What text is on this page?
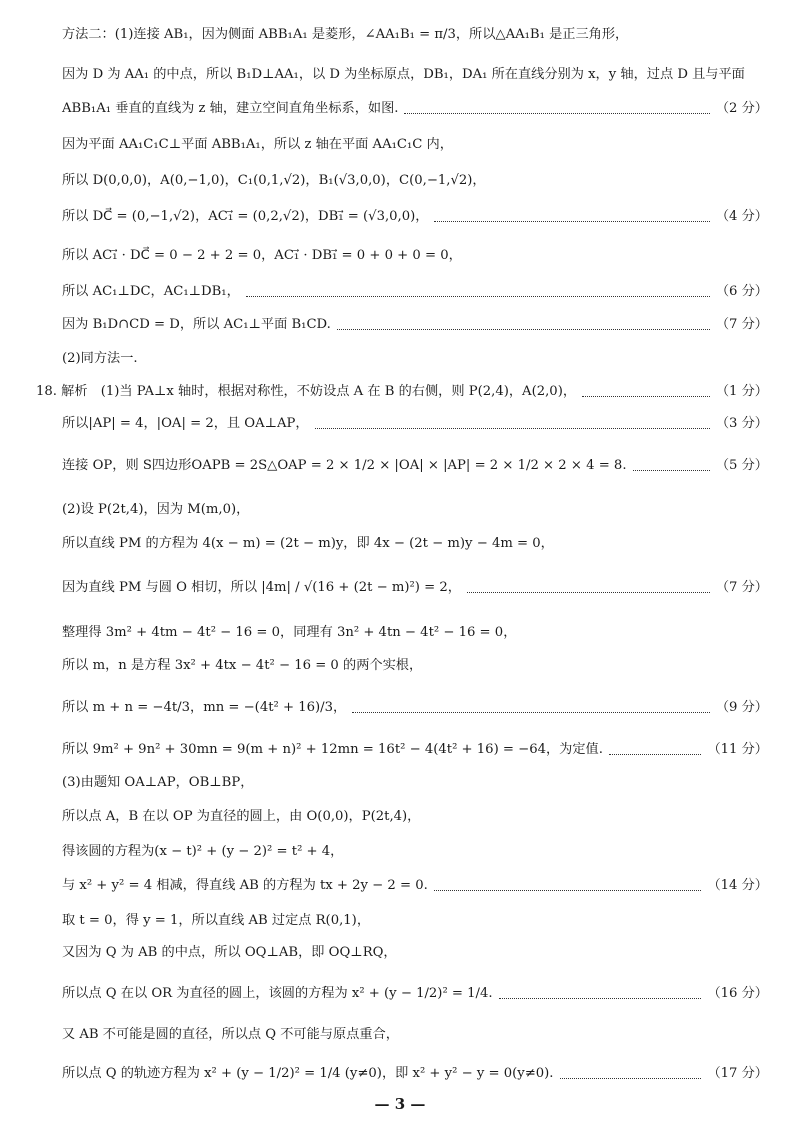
方法二：(1)连接 AB₁，因为侧面 ABB₁A₁ 是菱形，∠AA₁B₁ = π/3，所以△AA₁B₁ 是正三角形，
因为 D 为 AA₁ 的中点，所以 B₁D⊥AA₁，以 D 为坐标原点，DB₁，DA₁ 所在直线分别为 x，y 轴，过点 D 且与平面
ABB₁A₁ 垂直的直线为 z 轴，建立空间直角坐标系，如图.	（2 分）
因为平面 AA₁C₁C⊥平面 ABB₁A₁，所以 z 轴在平面 AA₁C₁C 内，
所以 D(0,0,0)，A(0,−1,0)，C₁(0,1,√2)，B₁(√3,0,0)，C(0,−1,√2)，
所以 DC⃗ = (0,−1,√2)，AC₁⃗ = (0,2,√2)，DB₁⃗ = (√3,0,0)，	（4 分）
所以 AC₁⃗ · DC⃗ = 0 − 2 + 2 = 0，AC₁⃗ · DB₁⃗ = 0 + 0 + 0 = 0，
所以 AC₁⊥DC，AC₁⊥DB₁，	（6 分）
因为 B₁D∩CD = D，所以 AC₁⊥平面 B₁CD.	（7 分）
(2)同方法一.
18. 解析　(1)当 PA⊥x 轴时，根据对称性，不妨设点 A 在 B 的右侧，则 P(2,4)，A(2,0)，	（1 分）
所以|AP| = 4，|OA| = 2，且 OA⊥AP，	（3 分）
连接 OP，则 S四边形OAPB = 2S△OAP = 2 × 1/2 × |OA| × |AP| = 2 × 1/2 × 2 × 4 = 8.	（5 分）
(2)设 P(2t,4)，因为 M(m,0)，
所以直线 PM 的方程为 4(x − m) = (2t − m)y，即 4x − (2t − m)y − 4m = 0，
因为直线 PM 与圆 O 相切，所以 |4m| / √(16 + (2t − m)²) = 2，	（7 分）
整理得 3m² + 4tm − 4t² − 16 = 0，同理有 3n² + 4tn − 4t² − 16 = 0，
所以 m，n 是方程 3x² + 4tx − 4t² − 16 = 0 的两个实根，
所以 m + n = −4t/3，mn = −(4t² + 16)/3，	（9 分）
所以 9m² + 9n² + 30mn = 9(m + n)² + 12mn = 16t² − 4(4t² + 16) = −64，为定值.	（11 分）
(3)由题知 OA⊥AP，OB⊥BP，
所以点 A，B 在以 OP 为直径的圆上，由 O(0,0)，P(2t,4)，
得该圆的方程为(x − t)² + (y − 2)² = t² + 4，
与 x² + y² = 4 相减，得直线 AB 的方程为 tx + 2y − 2 = 0.	（14 分）
取 t = 0，得 y = 1，所以直线 AB 过定点 R(0,1)，
又因为 Q 为 AB 的中点，所以 OQ⊥AB，即 OQ⊥RQ，
所以点 Q 在以 OR 为直径的圆上，该圆的方程为 x² + (y − 1/2)² = 1/4.	（16 分）
又 AB 不可能是圆的直径，所以点 Q 不可能与原点重合，
所以点 Q 的轨迹方程为 x² + (y − 1/2)² = 1/4 (y≠0)，即 x² + y² − y = 0(y≠0).	（17 分）
— 3 —
